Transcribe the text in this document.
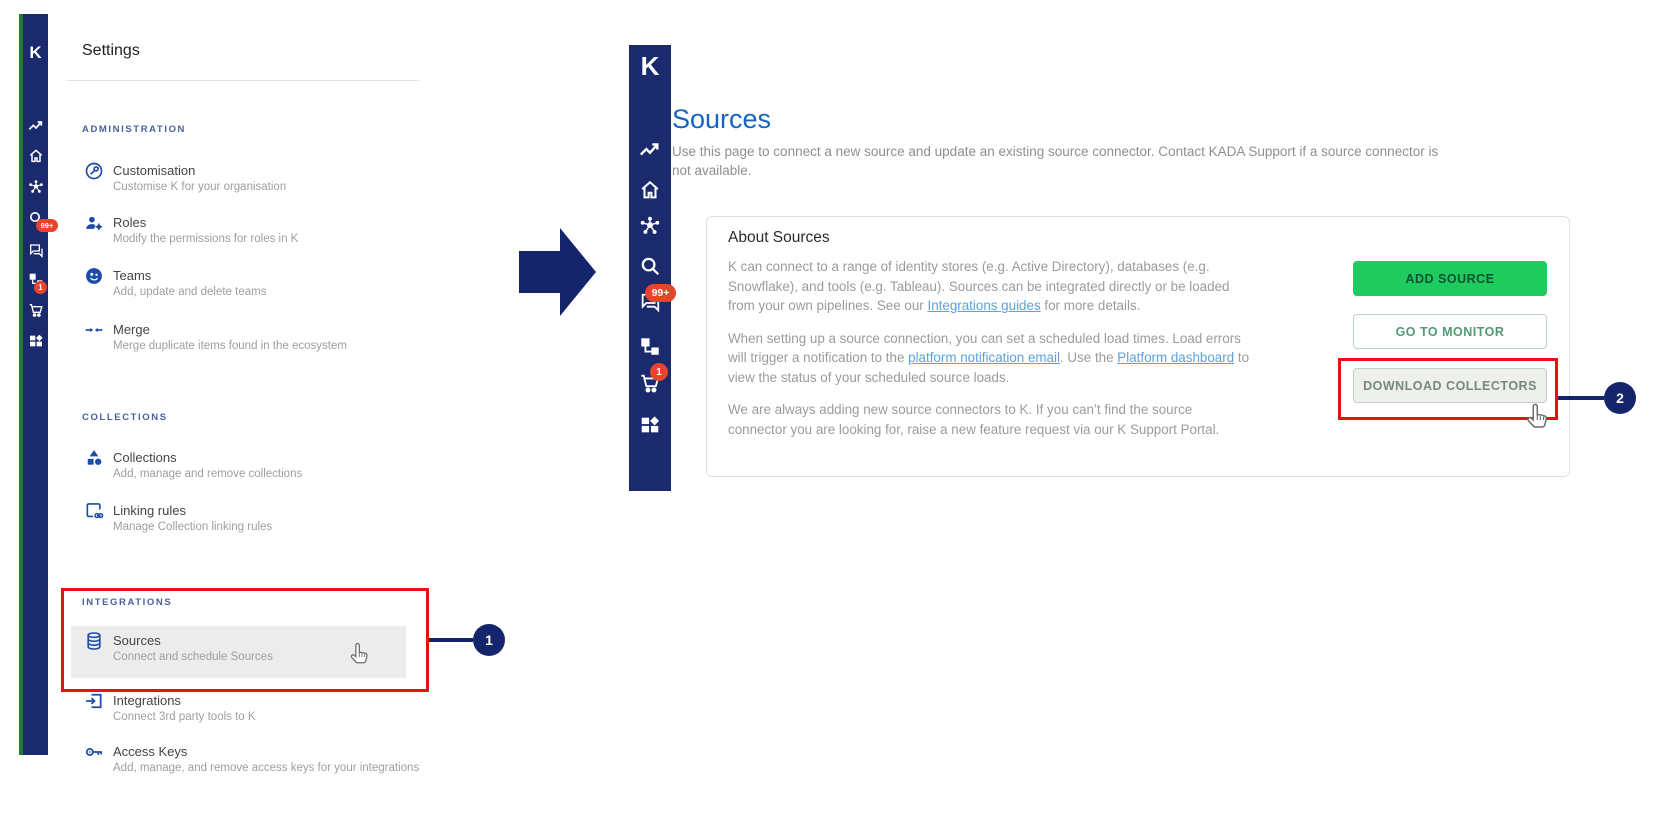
K
99+
1
Settings
ADMINISTRATION
COLLECTIONS
INTEGRATIONS
Customisation
Customise K for your organisation
Roles
Modify the permissions for roles in K
Teams
Add, update and delete teams
Merge
Merge duplicate items found in the ecosystem
Collections
Add, manage and remove collections
Linking rules
Manage Collection linking rules
Sources
Connect and schedule Sources
Integrations
Connect 3rd party tools to K
Access Keys
Add, manage, and remove access keys for your integrations
1
K
99+
1
Sources
Use this page to connect a new source and update an existing source connector. Contact KADA Support if a source connector is not available.
About Sources

K can connect to a range of identity stores (e.g. Active Directory), databases (e.g. Snowflake), and tools (e.g. Tableau). Sources can be integrated directly or be loaded from your own pipelines. See our Integrations guides for more details.

When setting up a source connection, you can set a scheduled load times. Load errors will trigger a notification to the platform notification email. Use the Platform dashboard to view the status of your scheduled source loads.

We are always adding new source connectors to K. If you can’t find the source connector you are looking for, raise a new feature request via our K Support Portal.

ADD SOURCE
GO TO MONITOR
DOWNLOAD COLLECTORS
2
